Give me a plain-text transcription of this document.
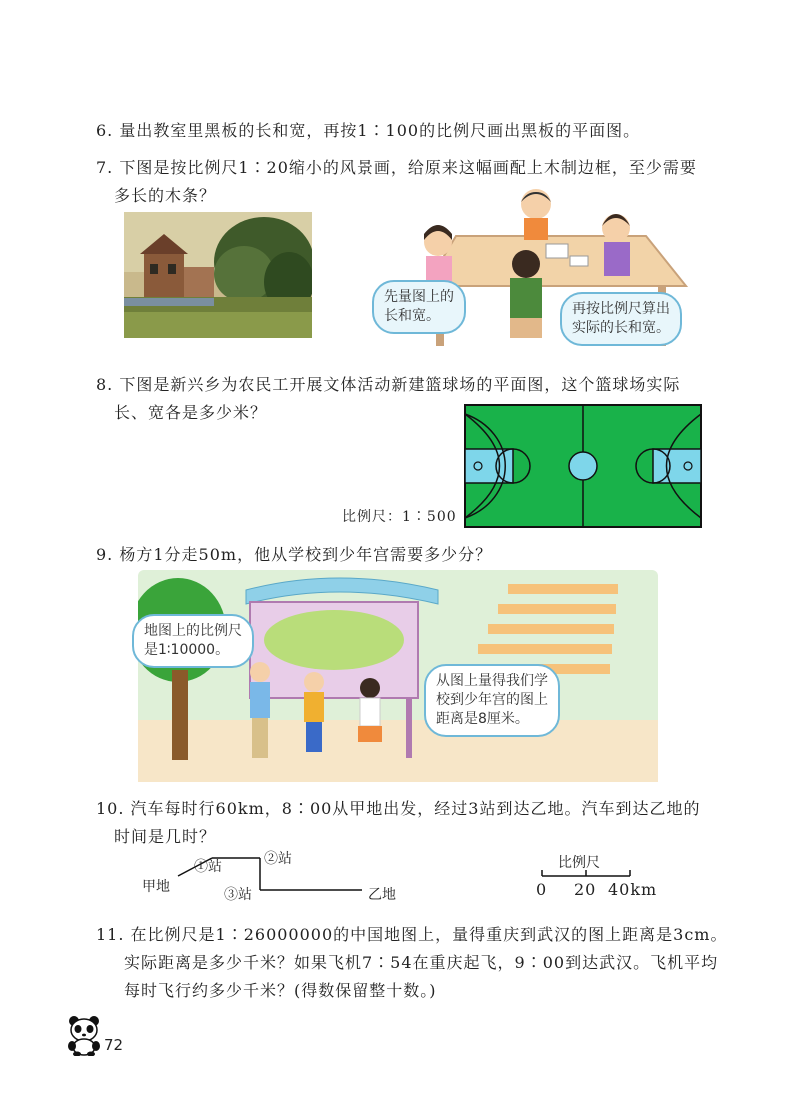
6. 量出教室里黑板的长和宽，再按1∶100的比例尺画出黑板的平面图。
7. 下图是按比例尺1∶20缩小的风景画，给原来这幅画配上木制边框，至少需要
多长的木条？
先量图上的
长和宽。	再按比例尺算出
实际的长和宽。
8. 下图是新兴乡为农民工开展文体活动新建篮球场的平面图，这个篮球场实际
长、宽各是多少米？
比例尺：1∶500
9. 杨方1分走50m，他从学校到少年宫需要多少分？
地图上的比例尺
是1∶10000。
从图上量得我们学
校到少年宫的图上
距离是8厘米。
10. 汽车每时行60km，8∶00从甲地出发，经过3站到达乙地。汽车到达乙地的
时间是几时？
甲地
①站	②站
③站	乙地
比例尺
0 20 40km
11. 在比例尺是1∶26000000的中国地图上，量得重庆到武汉的图上距离是3cm。
实际距离是多少千米？如果飞机7∶54在重庆起飞，9∶00到达武汉。飞机平均
每时飞行约多少千米？(得数保留整十数。)
72
